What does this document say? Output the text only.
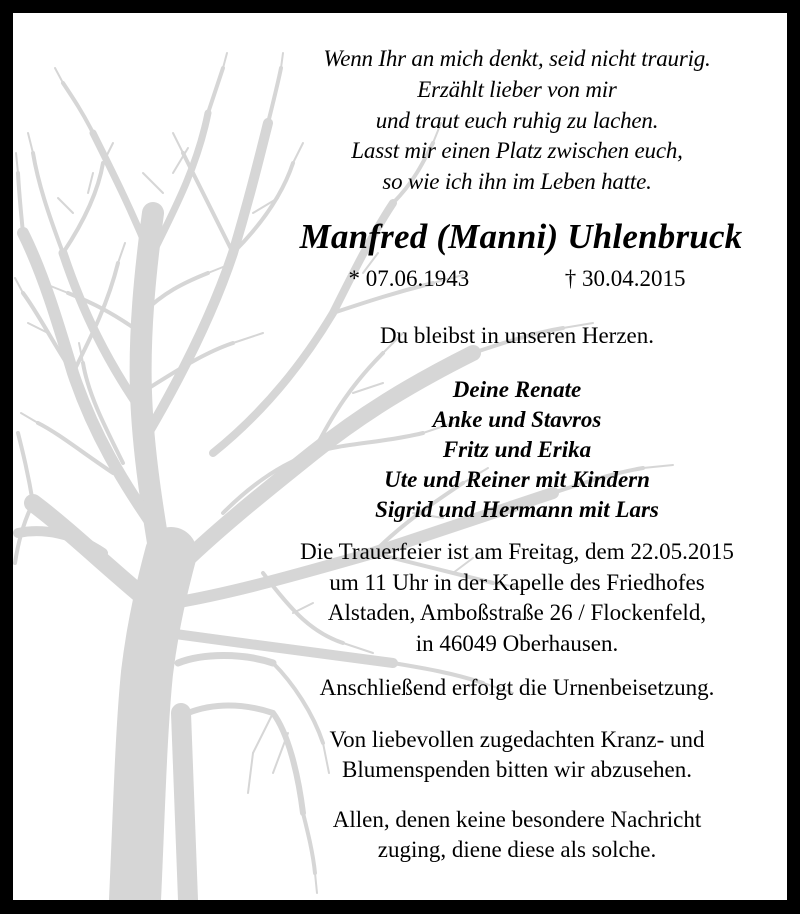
Wenn Ihr an mich denkt, seid nicht traurig.
Erzählt lieber von mir
und traut euch ruhig zu lachen.
Lasst mir einen Platz zwischen euch,
so wie ich ihn im Leben hatte.
Manfred (Manni) Uhlenbruck
* 07.06.1943	† 30.04.2015
Du bleibst in unseren Herzen.
Deine Renate
Anke und Stavros
Fritz und Erika
Ute und Reiner mit Kindern
Sigrid und Hermann mit Lars
Die Trauerfeier ist am Freitag, dem 22.05.2015
um 11 Uhr in der Kapelle des Friedhofes
Alstaden, Amboßstraße 26 / Flockenfeld,
in 46049 Oberhausen.
Anschließend erfolgt die Urnenbeisetzung.
Von liebevollen zugedachten Kranz- und
Blumenspenden bitten wir abzusehen.
Allen, denen keine besondere Nachricht
zuging, diene diese als solche.
